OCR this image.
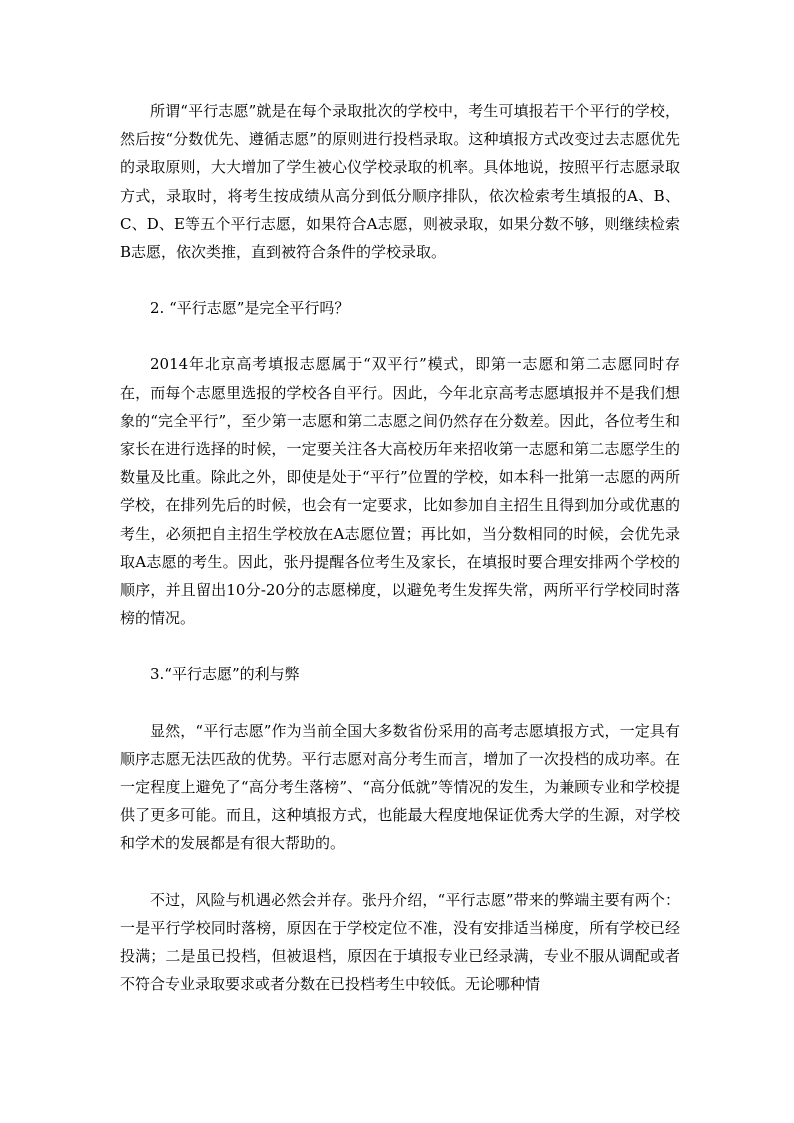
所谓“平行志愿”就是在每个录取批次的学校中，考生可填报若干个平行的学校，然后按“分数优先、遵循志愿”的原则进行投档录取。这种填报方式改变过去志愿优先的录取原则，大大增加了学生被心仪学校录取的机率。具体地说，按照平行志愿录取方式，录取时，将考生按成绩从高分到低分顺序排队，依次检索考生填报的A、B、C、D、E等五个平行志愿，如果符合A志愿，则被录取，如果分数不够，则继续检索B志愿，依次类推，直到被符合条件的学校录取。

2. “平行志愿”是完全平行吗？

2014年北京高考填报志愿属于“双平行”模式，即第一志愿和第二志愿同时存在，而每个志愿里选报的学校各自平行。因此，今年北京高考志愿填报并不是我们想象的“完全平行”，至少第一志愿和第二志愿之间仍然存在分数差。因此，各位考生和家长在进行选择的时候，一定要关注各大高校历年来招收第一志愿和第二志愿学生的数量及比重。除此之外，即使是处于“平行”位置的学校，如本科一批第一志愿的两所学校，在排列先后的时候，也会有一定要求，比如参加自主招生且得到加分或优惠的考生，必须把自主招生学校放在A志愿位置；再比如，当分数相同的时候，会优先录取A志愿的考生。因此，张丹提醒各位考生及家长，在填报时要合理安排两个学校的顺序，并且留出10分-20分的志愿梯度，以避免考生发挥失常，两所平行学校同时落榜的情况。

3.“平行志愿”的利与弊

显然，“平行志愿”作为当前全国大多数省份采用的高考志愿填报方式，一定具有顺序志愿无法匹敌的优势。平行志愿对高分考生而言，增加了一次投档的成功率。在一定程度上避免了“高分考生落榜”、“高分低就”等情况的发生，为兼顾专业和学校提供了更多可能。而且，这种填报方式，也能最大程度地保证优秀大学的生源，对学校和学术的发展都是有很大帮助的。

不过，风险与机遇必然会并存。张丹介绍，“平行志愿”带来的弊端主要有两个：一是平行学校同时落榜，原因在于学校定位不准，没有安排适当梯度，所有学校已经投满；二是虽已投档，但被退档，原因在于填报专业已经录满，专业不服从调配或者不符合专业录取要求或者分数在已投档考生中较低。无论哪种情
